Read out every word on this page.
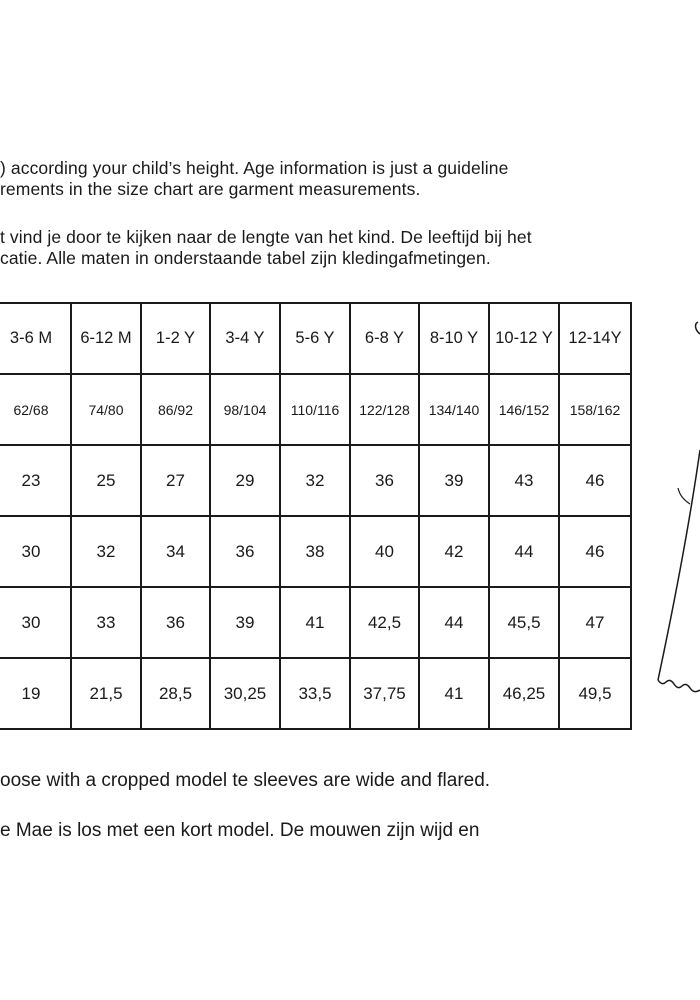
) according your child’s height. Age information is just a guideline
rements in the size chart are garment measurements.
t vind je door te kijken naar de lengte van het kind. De leeftijd bij het
catie. Alle maten in onderstaande tabel zijn kledingafmetingen.
3-6 M	6-12 M	1-2 Y	3-4 Y	5-6 Y	6-8 Y	8-10 Y	10-12 Y	12-14Y
62/68	74/80	86/92	98/104	110/116	122/128	134/140	146/152	158/162
23	25	27	29	32	36	39	43	46
30	32	34	36	38	40	42	44	46
30	33	36	39	41	42,5	44	45,5	47
19	21,5	28,5	30,25	33,5	37,75	41	46,25	49,5
oose with a cropped model te sleeves are wide and flared.
e Mae is los met een kort model. De mouwen zijn wijd en
